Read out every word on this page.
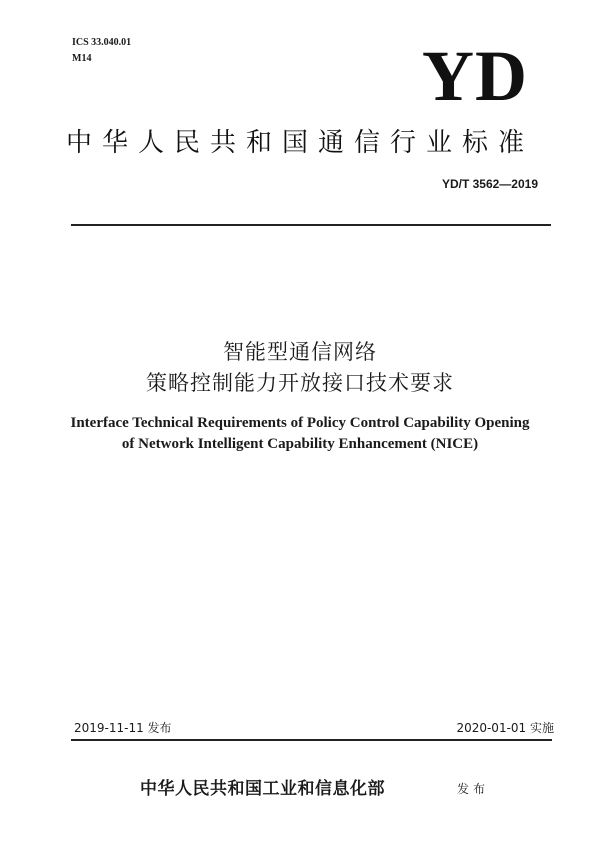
ICS 33.040.01
M14	YD
中华人民共和国通信行业标准
YD/T 3562—2019
智能型通信网络
策略控制能力开放接口技术要求
Interface Technical Requirements of Policy Control Capability Opening
of Network Intelligent Capability Enhancement (NICE)
2019-11-11 发布	2020-01-01 实施
中华人民共和国工业和信息化部	发布
